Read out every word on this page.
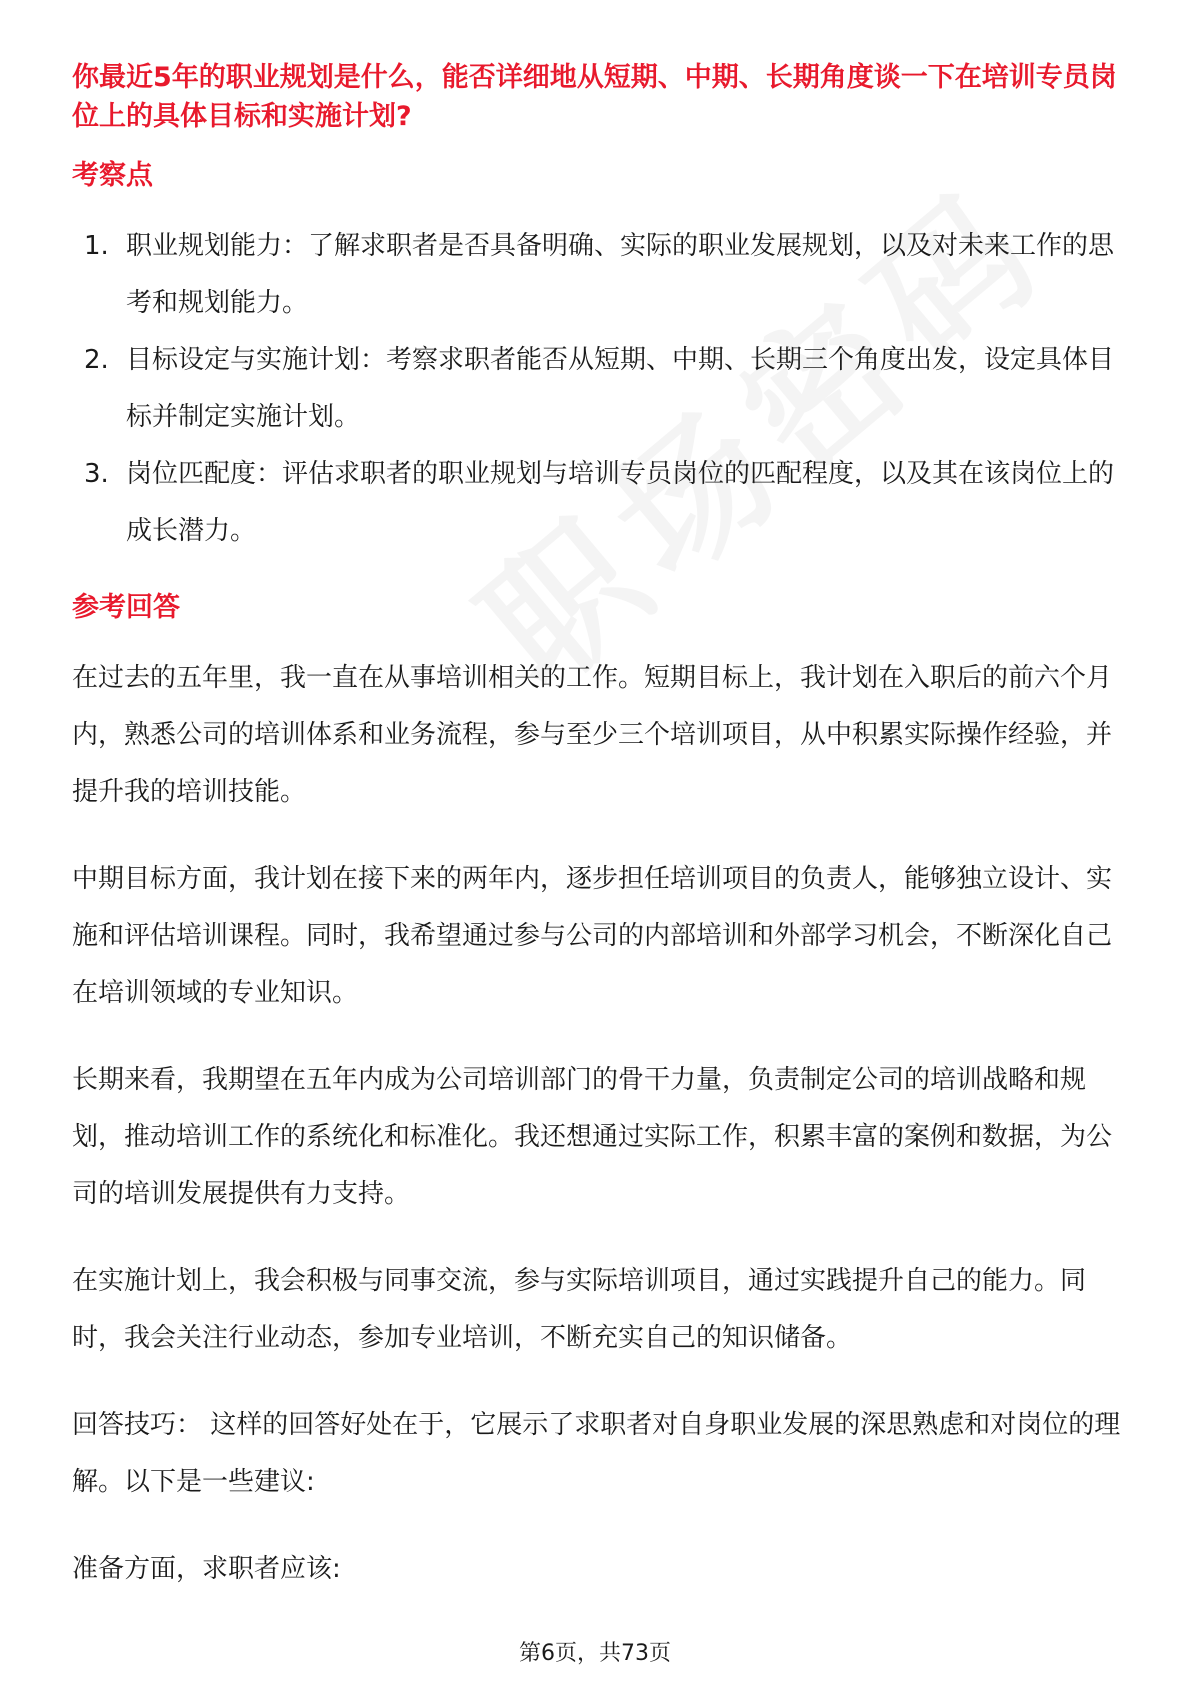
你最近5年的职业规划是什么，能否详细地从短期、中期、长期角度谈一下在培训专员岗位上的具体目标和实施计划?
考察点
1. 职业规划能力：了解求职者是否具备明确、实际的职业发展规划，以及对未来工作的思考和规划能力。
2. 目标设定与实施计划：考察求职者能否从短期、中期、长期三个角度出发，设定具体目标并制定实施计划。
3. 岗位匹配度：评估求职者的职业规划与培训专员岗位的匹配程度，以及其在该岗位上的成长潜力。
参考回答

在过去的五年里，我一直在从事培训相关的工作。短期目标上，我计划在入职后的前六个月内，熟悉公司的培训体系和业务流程，参与至少三个培训项目，从中积累实际操作经验，并提升我的培训技能。

中期目标方面，我计划在接下来的两年内，逐步担任培训项目的负责人，能够独立设计、实施和评估培训课程。同时，我希望通过参与公司的内部培训和外部学习机会，不断深化自己在培训领域的专业知识。

长期来看，我期望在五年内成为公司培训部门的骨干力量，负责制定公司的培训战略和规划，推动培训工作的系统化和标准化。我还想通过实际工作，积累丰富的案例和数据，为公司的培训发展提供有力支持。

在实施计划上，我会积极与同事交流，参与实际培训项目，通过实践提升自己的能力。同时，我会关注行业动态，参加专业培训，不断充实自己的知识储备。

回答技巧： 这样的回答好处在于，它展示了求职者对自身职业发展的深思熟虑和对岗位的理解。以下是一些建议:

准备方面，求职者应该:

第6页，共73页
